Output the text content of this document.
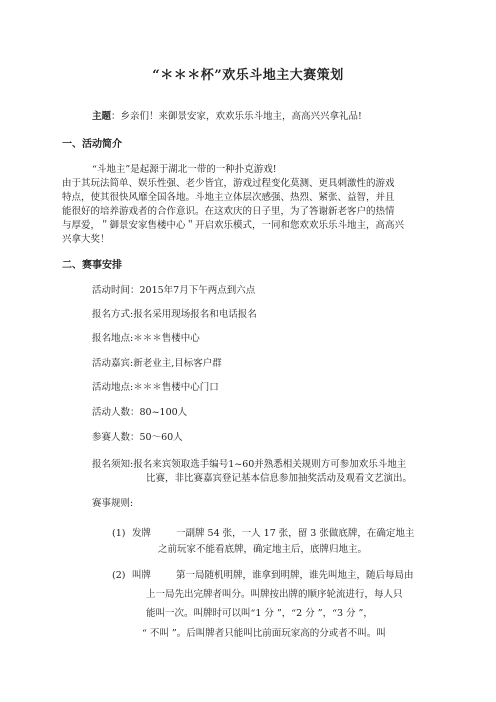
“＊＊＊杯”欢乐斗地主大赛策划
主题：乡亲们！来御景安家，欢欢乐乐斗地主，高高兴兴拿礼品!
一、活动简介
“斗地主”是起源于湖北一带的一种扑克游戏!
由于其玩法简单、娱乐性强、老少皆宜，游戏过程变化莫测、更具刺激性的游戏
特点，使其很快风靡全国各地。斗地主立体层次感强、热烈、紧张、益智，并且
能很好的培养游戏者的合作意识。在这欢庆的日子里，为了答谢新老客户的热情
与厚爱，＂御景安家售楼中心＂开启欢乐模式，一同和您欢欢乐乐斗地主，高高兴
兴拿大奖！
二、赛事安排
活动时间：2015年7月下午两点到六点
报名方式:报名采用现场报名和电话报名
报名地点:＊＊＊售楼中心
活动嘉宾:新老业主,目标客户群
活动地点:＊＊＊售楼中心门口
活动人数：80~100人
参赛人数：50～60人
报名须知:报名来宾领取选手编号1~60并熟悉相关规则方可参加欢乐斗地主
比赛，非比赛嘉宾登记基本信息参加抽奖活动及观看文艺演出。
赛事规则:
(1) 发牌	一副牌 54 张，一人 17 张，留 3 张做底牌，在确定地主
之前玩家不能看底牌，确定地主后，底牌归地主。
(2) 叫牌	第一局随机明牌，谁拿到明牌，谁先叫地主，随后每局由
上一局先出完牌者叫分。叫牌按出牌的顺序轮流进行，每人只
能叫一次。叫牌时可以叫“1 分 ”，“2 分 ”，“3 分 ”，
“ 不叫 ”。后叫牌者只能叫比前面玩家高的分或者不叫。叫
